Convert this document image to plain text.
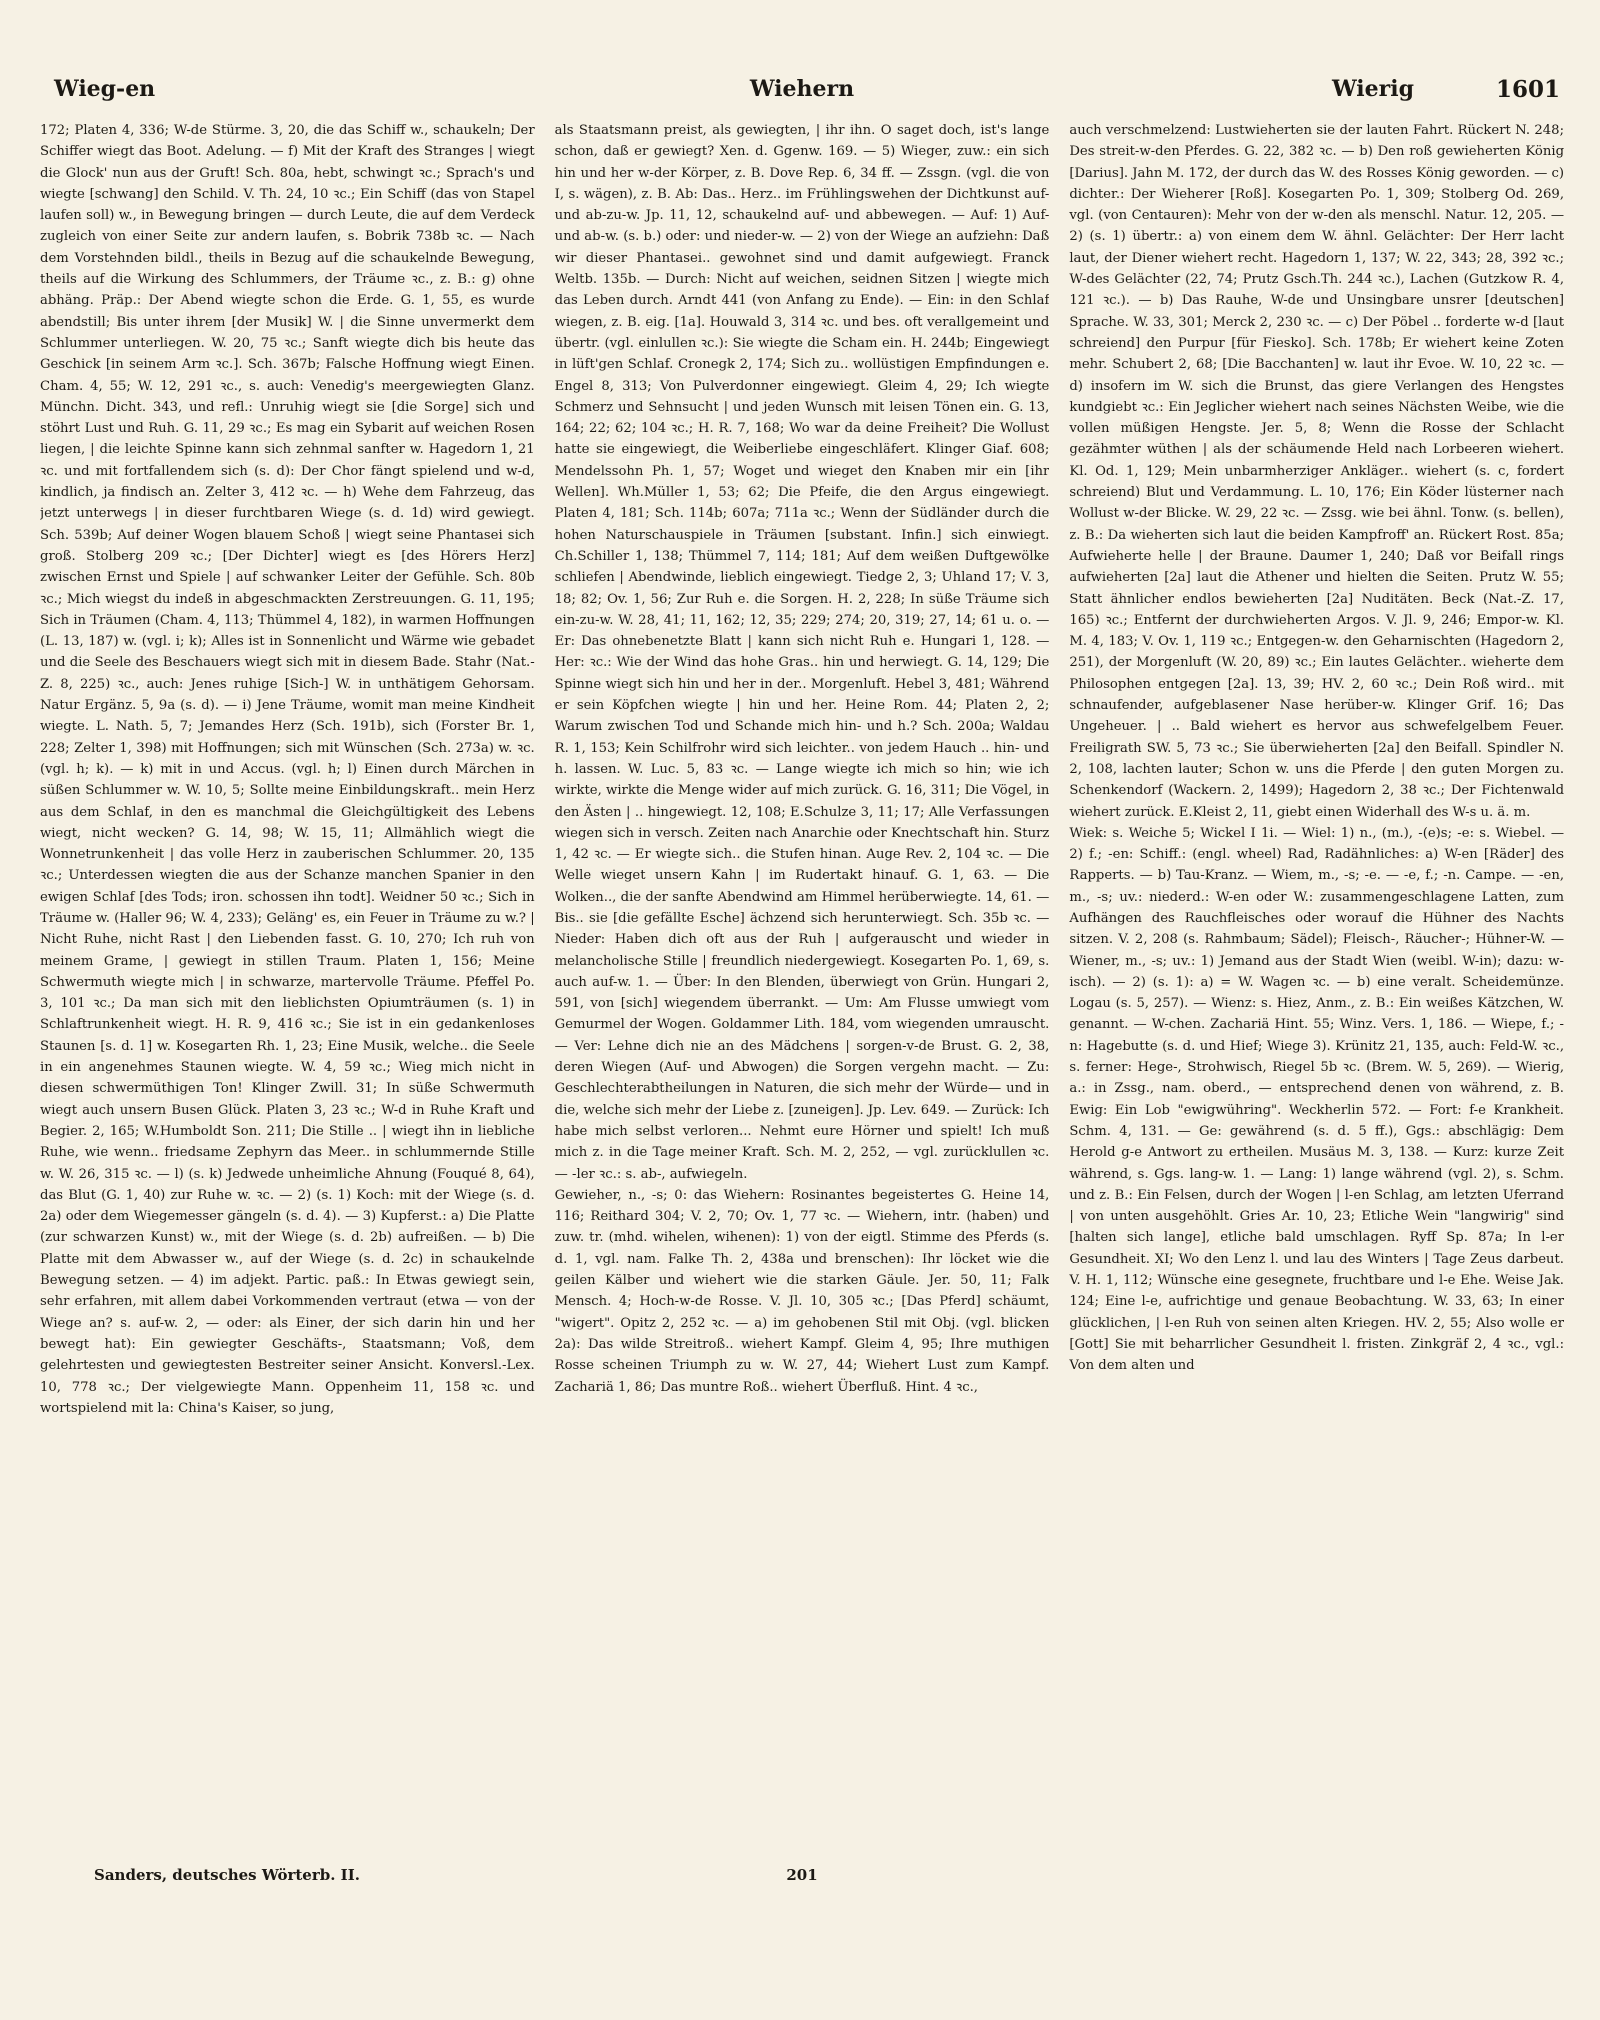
Wieg-en	Wiehern	Wierig	1601

172; Platen 4, 336; W-de Stürme. 3, 20, die das Schiff w., schaukeln; Der Schiffer wiegt das Boot. Adelung. — f) Mit der Kraft des Stranges | wiegt die Glock' nun aus der Gruft! Sch. 80a, hebt, schwingt ꝛc.; Sprach's und wiegte [schwang] den Schild. V. Th. 24, 10 ꝛc.; Ein Schiff (das von Stapel laufen soll) w., in Bewegung bringen — durch Leute, die auf dem Verdeck zugleich von einer Seite zur andern laufen, s. Bobrik 738b ꝛc. — Nach dem Vorstehnden bildl., theils in Bezug auf die schaukelnde Bewegung, theils auf die Wirkung des Schlummers, der Träume ꝛc., z. B.: g) ohne abhäng. Präp.: Der Abend wiegte schon die Erde. G. 1, 55, es wurde abendstill; Bis unter ihrem [der Musik] W. | die Sinne unvermerkt dem Schlummer unterliegen. W. 20, 75 ꝛc.; Sanft wiegte dich bis heute das Geschick [in seinem Arm ꝛc.]. Sch. 367b; Falsche Hoffnung wiegt Einen. Cham. 4, 55; W. 12, 291 ꝛc., s. auch: Venedig's meergewiegten Glanz. Münchn. Dicht. 343, und refl.: Unruhig wiegt sie [die Sorge] sich und stöhrt Lust und Ruh. G. 11, 29 ꝛc.; Es mag ein Sybarit auf weichen Rosen liegen, | die leichte Spinne kann sich zehnmal sanfter w. Hagedorn 1, 21 ꝛc. und mit fortfallendem sich (s. d): Der Chor fängt spielend und w-d, kindlich, ja findisch an. Zelter 3, 412 ꝛc. — h) Wehe dem Fahrzeug, das jetzt unterwegs | in dieser furchtbaren Wiege (s. d. 1d) wird gewiegt. Sch. 539b; Auf deiner Wogen blauem Schoß | wiegt seine Phantasei sich groß. Stolberg 209 ꝛc.; [Der Dichter] wiegt es [des Hörers Herz] zwischen Ernst und Spiele | auf schwanker Leiter der Gefühle. Sch. 80b ꝛc.; Mich wiegst du indeß in abgeschmackten Zerstreuungen. G. 11, 195; Sich in Träumen (Cham. 4, 113; Thümmel 4, 182), in warmen Hoffnungen (L. 13, 187) w. (vgl. i; k); Alles ist in Sonnenlicht und Wärme wie gebadet und die Seele des Beschauers wiegt sich mit in diesem Bade. Stahr (Nat.-Z. 8, 225) ꝛc., auch: Jenes ruhige [Sich-] W. in unthätigem Gehorsam. Natur Ergänz. 5, 9a (s. d). — i) Jene Träume, womit man meine Kindheit wiegte. L. Nath. 5, 7; Jemandes Herz (Sch. 191b), sich (Forster Br. 1, 228; Zelter 1, 398) mit Hoffnungen; sich mit Wünschen (Sch. 273a) w. ꝛc. (vgl. h; k). — k) mit in und Accus. (vgl. h; l) Einen durch Märchen in süßen Schlummer w. W. 10, 5; Sollte meine Einbildungskraft.. mein Herz aus dem Schlaf, in den es manchmal die Gleichgültigkeit des Lebens wiegt, nicht wecken? G. 14, 98; W. 15, 11; Allmählich wiegt die Wonnetrunkenheit | das volle Herz in zauberischen Schlummer. 20, 135 ꝛc.; Unterdessen wiegten die aus der Schanze manchen Spanier in den ewigen Schlaf [des Tods; iron. schossen ihn todt]. Weidner 50 ꝛc.; Sich in Träume w. (Haller 96; W. 4, 233); Geläng' es, ein Feuer in Träume zu w.? | Nicht Ruhe, nicht Rast | den Liebenden fasst. G. 10, 270; Ich ruh von meinem Grame, | gewiegt in stillen Traum. Platen 1, 156; Meine Schwermuth wiegte mich | in schwarze, martervolle Träume. Pfeffel Po. 3, 101 ꝛc.; Da man sich mit den lieblichsten Opiumträumen (s. 1) in Schlaftrunkenheit wiegt. H. R. 9, 416 ꝛc.; Sie ist in ein gedankenloses Staunen [s. d. 1] w. Kosegarten Rh. 1, 23; Eine Musik, welche.. die Seele in ein angenehmes Staunen wiegte. W. 4, 59 ꝛc.; Wieg mich nicht in diesen schwermüthigen Ton! Klinger Zwill. 31; In süße Schwermuth wiegt auch unsern Busen Glück. Platen 3, 23 ꝛc.; W-d in Ruhe Kraft und Begier. 2, 165; W.Humboldt Son. 211; Die Stille .. | wiegt ihn in liebliche Ruhe, wie wenn.. friedsame Zephyrn das Meer.. in schlummernde Stille w. W. 26, 315 ꝛc. — l) (s. k) Jedwede unheimliche Ahnung (Fouqué 8, 64), das Blut (G. 1, 40) zur Ruhe w. ꝛc. — 2) (s. 1) Koch: mit der Wiege (s. d. 2a) oder dem Wiegemesser gängeln (s. d. 4). — 3) Kupferst.: a) Die Platte (zur schwarzen Kunst) w., mit der Wiege (s. d. 2b) aufreißen. — b) Die Platte mit dem Abwasser w., auf der Wiege (s. d. 2c) in schaukelnde Bewegung setzen. — 4) im adjekt. Partic. paß.: In Etwas gewiegt sein, sehr erfahren, mit allem dabei Vorkommenden vertraut (etwa — von der Wiege an? s. auf-w. 2, — oder: als Einer, der sich darin hin und her bewegt hat): Ein gewiegter Geschäfts-, Staatsmann; Voß, dem gelehrtesten und gewiegtesten Bestreiter seiner Ansicht. Konversl.-Lex. 10, 778 ꝛc.; Der vielgewiegte Mann. Oppenheim 11, 158 ꝛc. und wortspielend mit la: China's Kaiser, so jung,

als Staatsmann preist, als gewiegten, | ihr ihn. O saget doch, ist's lange schon, daß er gewiegt? Xen. d. Ggenw. 169. — 5) Wieger, zuw.: ein sich hin und her w-der Körper, z. B. Dove Rep. 6, 34 ff. — Zssgn. (vgl. die von I, s. wägen), z. B. Ab: Das.. Herz.. im Frühlingswehen der Dichtkunst auf- und ab-zu-w. Jp. 11, 12, schaukelnd auf- und abbewegen. — Auf: 1) Auf- und ab-w. (s. b.) oder: und nieder-w. — 2) von der Wiege an aufziehn: Daß wir dieser Phantasei.. gewohnet sind und damit aufgewiegt. Franck Weltb. 135b. — Durch: Nicht auf weichen, seidnen Sitzen | wiegte mich das Leben durch. Arndt 441 (von Anfang zu Ende). — Ein: in den Schlaf wiegen, z. B. eig. [1a]. Houwald 3, 314 ꝛc. und bes. oft verallgemeint und übertr. (vgl. einlullen ꝛc.): Sie wiegte die Scham ein. H. 244b; Eingewiegt in lüft'gen Schlaf. Cronegk 2, 174; Sich zu.. wollüstigen Empfindungen e. Engel 8, 313; Von Pulverdonner eingewiegt. Gleim 4, 29; Ich wiegte Schmerz und Sehnsucht | und jeden Wunsch mit leisen Tönen ein. G. 13, 164; 22; 62; 104 ꝛc.; H. R. 7, 168; Wo war da deine Freiheit? Die Wollust hatte sie eingewiegt, die Weiberliebe eingeschläfert. Klinger Giaf. 608; Mendelssohn Ph. 1, 57; Woget und wieget den Knaben mir ein [ihr Wellen]. Wh.Müller 1, 53; 62; Die Pfeife, die den Argus eingewiegt. Platen 4, 181; Sch. 114b; 607a; 711a ꝛc.; Wenn der Südländer durch die hohen Naturschauspiele in Träumen [substant. Infin.] sich einwiegt. Ch.Schiller 1, 138; Thümmel 7, 114; 181; Auf dem weißen Duftgewölke schliefen | Abendwinde, lieblich eingewiegt. Tiedge 2, 3; Uhland 17; V. 3, 18; 82; Ov. 1, 56; Zur Ruh e. die Sorgen. H. 2, 228; In süße Träume sich ein-zu-w. W. 28, 41; 11, 162; 12, 35; 229; 274; 20, 319; 27, 14; 61 u. o. — Er: Das ohnebenetzte Blatt | kann sich nicht Ruh e. Hungari 1, 128. — Her: ꝛc.: Wie der Wind das hohe Gras.. hin und herwiegt. G. 14, 129; Die Spinne wiegt sich hin und her in der.. Morgenluft. Hebel 3, 481; Während er sein Köpfchen wiegte | hin und her. Heine Rom. 44; Platen 2, 2; Warum zwischen Tod und Schande mich hin- und h.? Sch. 200a; Waldau R. 1, 153; Kein Schilfrohr wird sich leichter.. von jedem Hauch .. hin- und h. lassen. W. Luc. 5, 83 ꝛc. — Lange wiegte ich mich so hin; wie ich wirkte, wirkte die Menge wider auf mich zurück. G. 16, 311; Die Vögel, in den Ästen | .. hingewiegt. 12, 108; E.Schulze 3, 11; 17; Alle Verfassungen wiegen sich in versch. Zeiten nach Anarchie oder Knechtschaft hin. Sturz 1, 42 ꝛc. — Er wiegte sich.. die Stufen hinan. Auge Rev. 2, 104 ꝛc. — Die Welle wieget unsern Kahn | im Rudertakt hinauf. G. 1, 63. — Die Wolken.., die der sanfte Abendwind am Himmel herüberwiegte. 14, 61. — Bis.. sie [die gefällte Esche] ächzend sich herunterwiegt. Sch. 35b ꝛc. — Nieder: Haben dich oft aus der Ruh | aufgerauscht und wieder in melancholische Stille | freundlich niedergewiegt. Kosegarten Po. 1, 69, s. auch auf-w. 1. — Über: In den Blenden, überwiegt von Grün. Hungari 2, 591, von [sich] wiegendem überrankt. — Um: Am Flusse umwiegt vom Gemurmel der Wogen. Goldammer Lith. 184, vom wiegenden umrauscht. — Ver: Lehne dich nie an des Mädchens | sorgen-v-de Brust. G. 2, 38, deren Wiegen (Auf- und Abwogen) die Sorgen vergehn macht. — Zu: Geschlechterabtheilungen in Naturen, die sich mehr der Würde— und in die, welche sich mehr der Liebe z. [zuneigen]. Jp. Lev. 649. — Zurück: Ich habe mich selbst verloren... Nehmt eure Hörner und spielt! Ich muß mich z. in die Tage meiner Kraft. Sch. M. 2, 252, — vgl. zurücklullen ꝛc. — -ler ꝛc.: s. ab-, aufwiegeln.
Gewieher, n., -s; 0: das Wiehern: Rosinantes begeistertes G. Heine 14, 116; Reithard 304; V. 2, 70; Ov. 1, 77 ꝛc. — Wiehern, intr. (haben) und zuw. tr. (mhd. wihelen, wihenen): 1) von der eigtl. Stimme des Pferds (s. d. 1, vgl. nam. Falke Th. 2, 438a und brenschen): Ihr löcket wie die geilen Kälber und wiehert wie die starken Gäule. Jer. 50, 11; Falk Mensch. 4; Hoch-w-de Rosse. V. Jl. 10, 305 ꝛc.; [Das Pferd] schäumt, "wigert". Opitz 2, 252 ꝛc. — a) im gehobenen Stil mit Obj. (vgl. blicken 2a): Das wilde Streitroß.. wiehert Kampf. Gleim 4, 95; Ihre muthigen Rosse scheinen Triumph zu w. W. 27, 44; Wiehert Lust zum Kampf. Zachariä 1, 86; Das muntre Roß.. wiehert Überfluß. Hint. 4 ꝛc.,

auch verschmelzend: Lustwieherten sie der lauten Fahrt. Rückert N. 248; Des streit-w-den Pferdes. G. 22, 382 ꝛc. — b) Den roß gewieherten König [Darius]. Jahn M. 172, der durch das W. des Rosses König geworden. — c) dichter.: Der Wieherer [Roß]. Kosegarten Po. 1, 309; Stolberg Od. 269, vgl. (von Centauren): Mehr von der w-den als menschl. Natur. 12, 205. — 2) (s. 1) übertr.: a) von einem dem W. ähnl. Gelächter: Der Herr lacht laut, der Diener wiehert recht. Hagedorn 1, 137; W. 22, 343; 28, 392 ꝛc.; W-des Gelächter (22, 74; Prutz Gsch.Th. 244 ꝛc.), Lachen (Gutzkow R. 4, 121 ꝛc.). — b) Das Rauhe, W-de und Unsingbare unsrer [deutschen] Sprache. W. 33, 301; Merck 2, 230 ꝛc. — c) Der Pöbel .. forderte w-d [laut schreiend] den Purpur [für Fiesko]. Sch. 178b; Er wiehert keine Zoten mehr. Schubert 2, 68; [Die Bacchanten] w. laut ihr Evoe. W. 10, 22 ꝛc. — d) insofern im W. sich die Brunst, das giere Verlangen des Hengstes kundgiebt ꝛc.: Ein Jeglicher wiehert nach seines Nächsten Weibe, wie die vollen müßigen Hengste. Jer. 5, 8; Wenn die Rosse der Schlacht gezähmter wüthen | als der schäumende Held nach Lorbeeren wiehert. Kl. Od. 1, 129; Mein unbarmherziger Ankläger.. wiehert (s. c, fordert schreiend) Blut und Verdammung. L. 10, 176; Ein Köder lüsterner nach Wollust w-der Blicke. W. 29, 22 ꝛc. — Zssg. wie bei ähnl. Tonw. (s. bellen), z. B.: Da wieherten sich laut die beiden Kampfroff' an. Rückert Rost. 85a; Aufwieherte helle | der Braune. Daumer 1, 240; Daß vor Beifall rings aufwieherten [2a] laut die Athener und hielten die Seiten. Prutz W. 55; Statt ähnlicher endlos bewieherten [2a] Nuditäten. Beck (Nat.-Z. 17, 165) ꝛc.; Entfernt der durchwieherten Argos. V. Jl. 9, 246; Empor-w. Kl. M. 4, 183; V. Ov. 1, 119 ꝛc.; Entgegen-w. den Geharnischten (Hagedorn 2, 251), der Morgenluft (W. 20, 89) ꝛc.; Ein lautes Gelächter.. wieherte dem Philosophen entgegen [2a]. 13, 39; HV. 2, 60 ꝛc.; Dein Roß wird.. mit schnaufender, aufgeblasener Nase herüber-w. Klinger Grif. 16; Das Ungeheuer. | .. Bald wiehert es hervor aus schwefelgelbem Feuer. Freiligrath SW. 5, 73 ꝛc.; Sie überwieherten [2a] den Beifall. Spindler N. 2, 108, lachten lauter; Schon w. uns die Pferde | den guten Morgen zu. Schenkendorf (Wackern. 2, 1499); Hagedorn 2, 38 ꝛc.; Der Fichtenwald wiehert zurück. E.Kleist 2, 11, giebt einen Widerhall des W-s u. ä. m.
Wiek: s. Weiche 5; Wickel I 1i. — Wiel: 1) n., (m.), -(e)s; -e: s. Wiebel. — 2) f.; -en: Schiff.: (engl. wheel) Rad, Radähnliches: a) W-en [Räder] des Rapperts. — b) Tau-Kranz. — Wiem, m., -s; -e. — -e, f.; -n. Campe. — -en, m., -s; uv.: niederd.: W-en oder W.: zusammengeschlagene Latten, zum Aufhängen des Rauchfleisches oder worauf die Hühner des Nachts sitzen. V. 2, 208 (s. Rahmbaum; Sädel); Fleisch-, Räucher-; Hühner-W. — Wiener, m., -s; uv.: 1) Jemand aus der Stadt Wien (weibl. W-in); dazu: w-isch). — 2) (s. 1): a) = W. Wagen ꝛc. — b) eine veralt. Scheidemünze. Logau (s. 5, 257). — Wienz: s. Hiez, Anm., z. B.: Ein weißes Kätzchen, W. genannt. — W-chen. Zachariä Hint. 55; Winz. Vers. 1, 186. — Wiepe, f.; -n: Hagebutte (s. d. und Hief; Wiege 3). Krünitz 21, 135, auch: Feld-W. ꝛc., s. ferner: Hege-, Strohwisch, Riegel 5b ꝛc. (Brem. W. 5, 269). — Wierig, a.: in Zssg., nam. oberd., — entsprechend denen von während, z. B. Ewig: Ein Lob "ewigwühring". Weckherlin 572. — Fort: f-e Krankheit. Schm. 4, 131. — Ge: gewährend (s. d. 5 ff.), Ggs.: abschlägig: Dem Herold g-e Antwort zu ertheilen. Musäus M. 3, 138. — Kurz: kurze Zeit während, s. Ggs. lang-w. 1. — Lang: 1) lange während (vgl. 2), s. Schm. und z. B.: Ein Felsen, durch der Wogen | l-en Schlag, am letzten Uferrand | von unten ausgehöhlt. Gries Ar. 10, 23; Etliche Wein "langwirig" sind [halten sich lange], etliche bald umschlagen. Ryff Sp. 87a; In l-er Gesundheit. XI; Wo den Lenz l. und lau des Winters | Tage Zeus darbeut. V. H. 1, 112; Wünsche eine gesegnete, fruchtbare und l-e Ehe. Weise Jak. 124; Eine l-e, aufrichtige und genaue Beobachtung. W. 33, 63; In einer glücklichen, | l-en Ruh von seinen alten Kriegen. HV. 2, 55; Also wolle er [Gott] Sie mit beharrlicher Gesundheit l. fristen. Zinkgräf 2, 4 ꝛc., vgl.: Von dem alten und

Sanders, deutsches Wörterb. II.	201
